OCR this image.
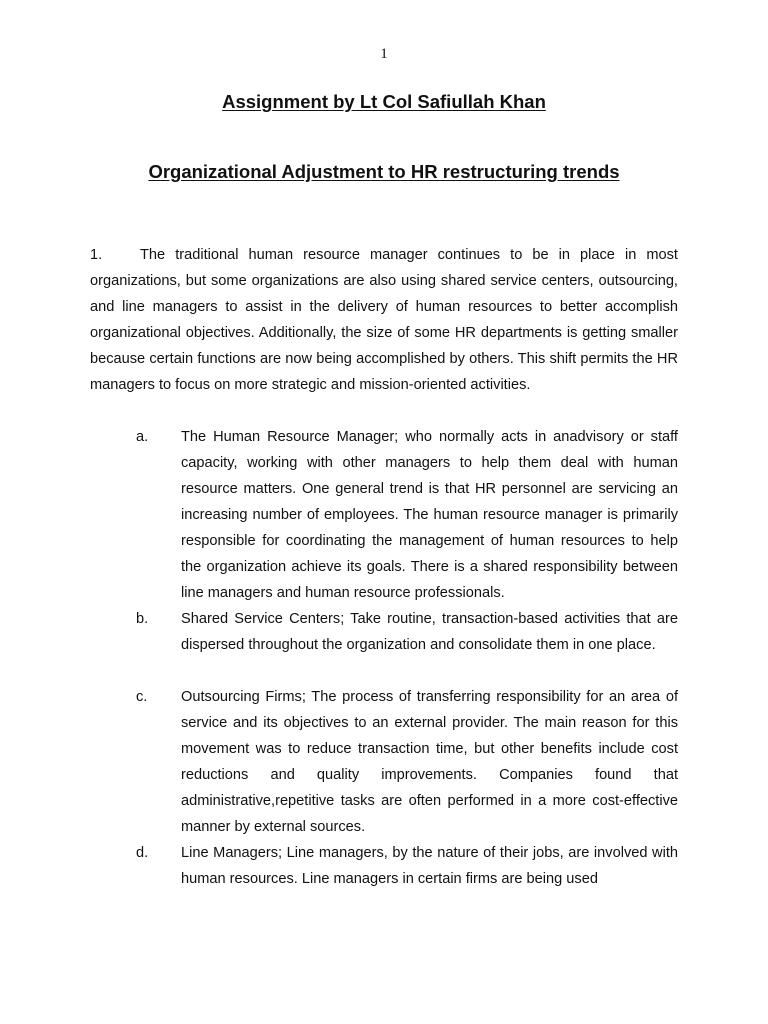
1
Assignment by Lt Col Safiullah Khan
Organizational Adjustment to HR restructuring trends

1.	The traditional human resource manager continues to be in place in most organizations, but some organizations are also using shared service centers, outsourcing, and line managers to assist in the delivery of human resources to better accomplish organizational objectives. Additionally, the size of some HR departments is getting smaller because certain functions are now being accomplished by others. This shift permits the HR managers to focus on more strategic and mission-oriented activities.

a. The Human Resource Manager; who normally acts in anadvisory or staff capacity, working with other managers to help them deal with human resource matters. One general trend is that HR personnel are servicing an increasing number of employees. The human resource manager is primarily responsible for coordinating the management of human resources to help the organization achieve its goals. There is a shared responsibility between line managers and human resource professionals.

b. Shared Service Centers; Take routine, transaction-based activities that are dispersed throughout the organization and consolidate them in one place.

c. Outsourcing Firms; The process of transferring responsibility for an area of service and its objectives to an external provider. The main reason for this movement was to reduce transaction time, but other benefits include cost reductions and quality improvements. Companies found that administrative,repetitive tasks are often performed in a more cost-effective manner by external sources.

d. Line Managers; Line managers, by the nature of their jobs, are involved with human resources. Line managers in certain firms are being used
